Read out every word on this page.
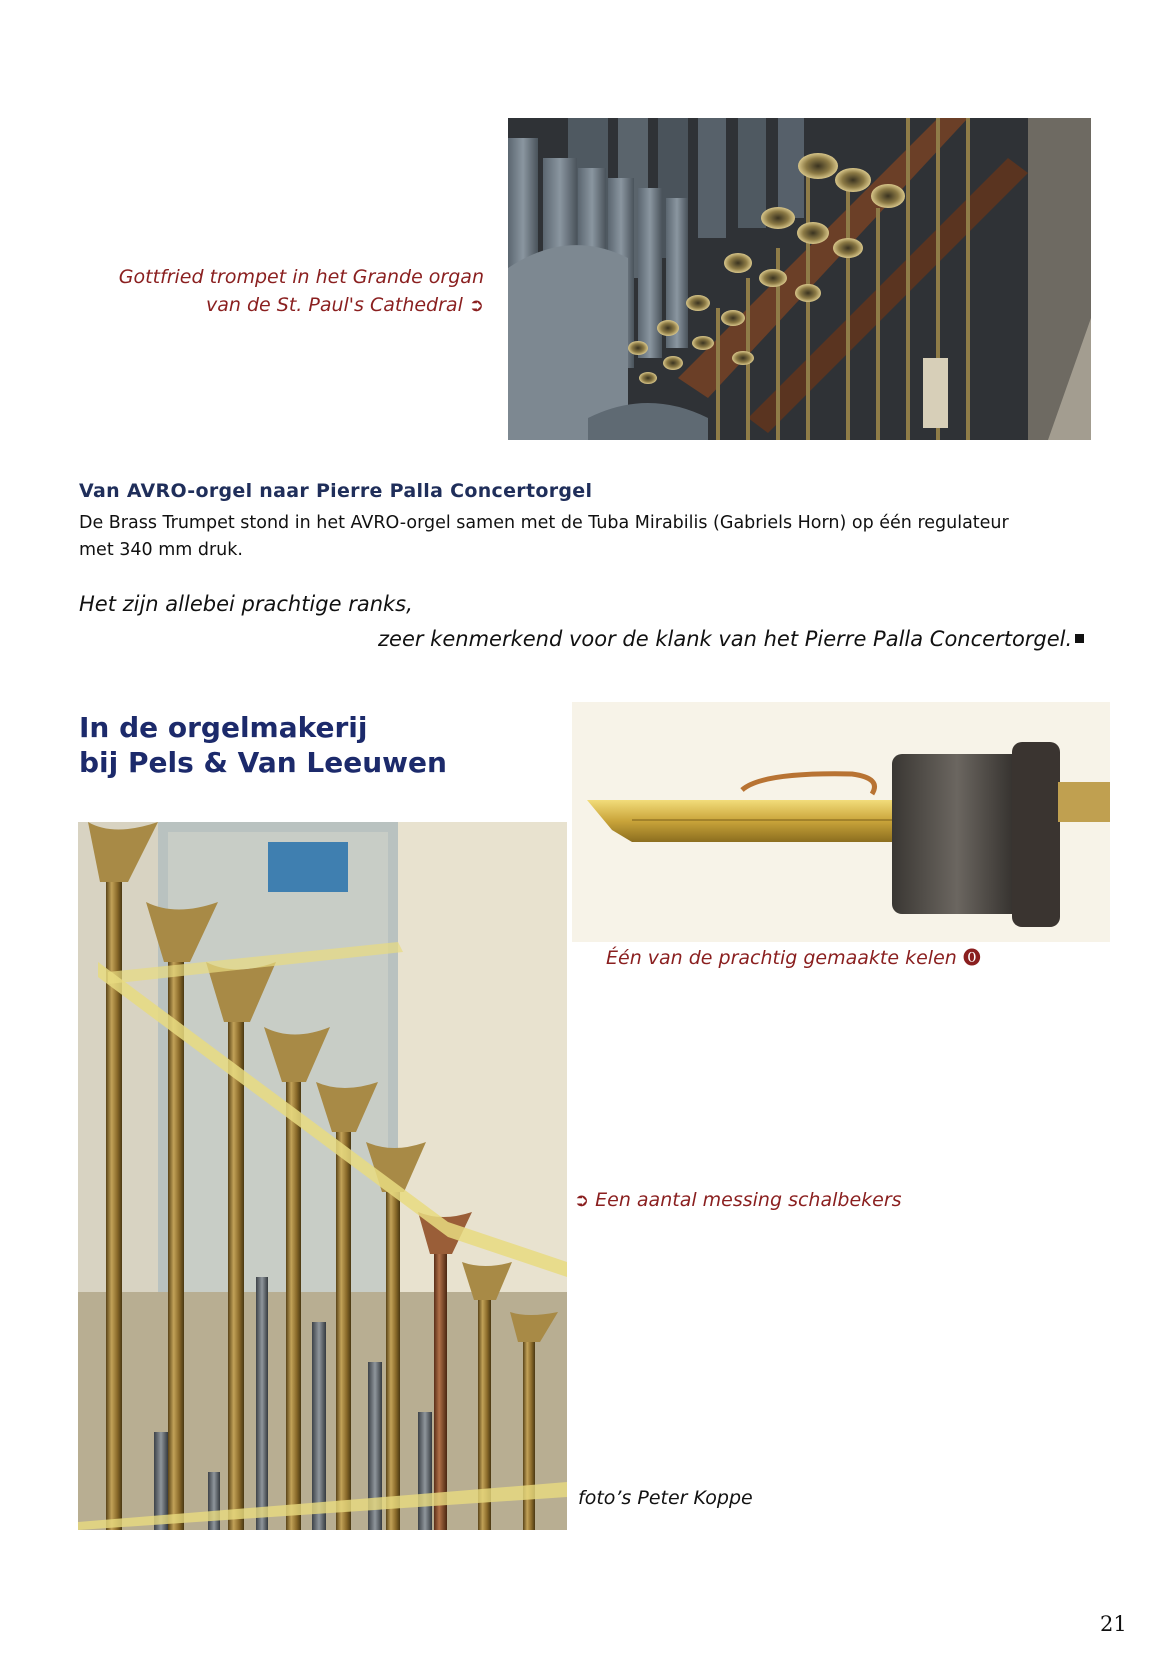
Gottfried trompet in het Grande organ
van de St. Paul's Cathedral ➲
Van AVRO-orgel naar Pierre Palla Concertorgel
De Brass Trumpet stond in het AVRO-orgel samen met de Tuba Mirabilis (Gabriels Horn) op één regulateur met 340 mm druk.
Het zijn allebei prachtige ranks,
zeer kenmerkend voor de klank van het Pierre Palla Concertorgel.
In de orgelmakerij
bij Pels & Van Leeuwen
Één van de prachtig gemaakte kelen ⓿
➲ Een aantal messing schalbekers
foto’s Peter Koppe
21
